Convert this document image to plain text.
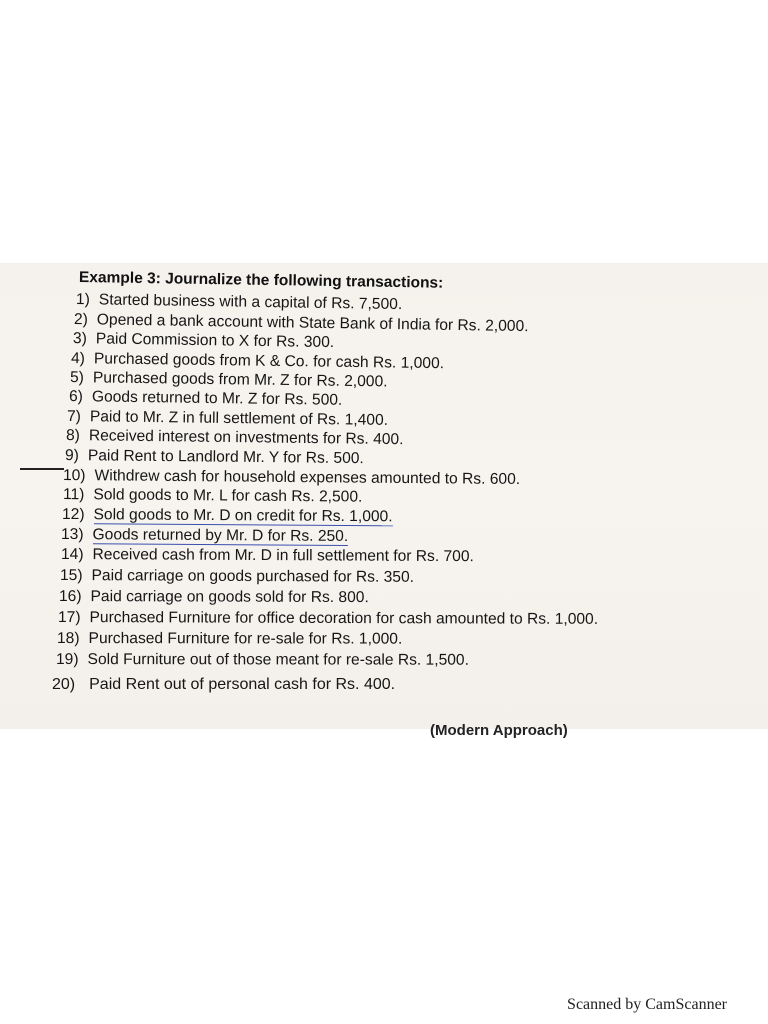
Example 3: Journalize the following transactions:
1) Started business with a capital of Rs. 7,500.
2) Opened a bank account with State Bank of India for Rs. 2,000.
3) Paid Commission to X for Rs. 300.
4) Purchased goods from K & Co. for cash Rs. 1,000.
5) Purchased goods from Mr. Z for Rs. 2,000.
6) Goods returned to Mr. Z for Rs. 500.
7) Paid to Mr. Z in full settlement of Rs. 1,400.
8) Received interest on investments for Rs. 400.
9) Paid Rent to Landlord Mr. Y for Rs. 500.
10) Withdrew cash for household expenses amounted to Rs. 600.
11) Sold goods to Mr. L for cash Rs. 2,500.
12) Sold goods to Mr. D on credit for Rs. 1,000.
13) Goods returned by Mr. D for Rs. 250.
14) Received cash from Mr. D in full settlement for Rs. 700.
15) Paid carriage on goods purchased for Rs. 350.
16) Paid carriage on goods sold for Rs. 800.
17) Purchased Furniture for office decoration for cash amounted to Rs. 1,000.
18) Purchased Furniture for re-sale for Rs. 1,000.
19) Sold Furniture out of those meant for re-sale Rs. 1,500.
20) Paid Rent out of personal cash for Rs. 400.
(Modern Approach)
Scanned by CamScanner
